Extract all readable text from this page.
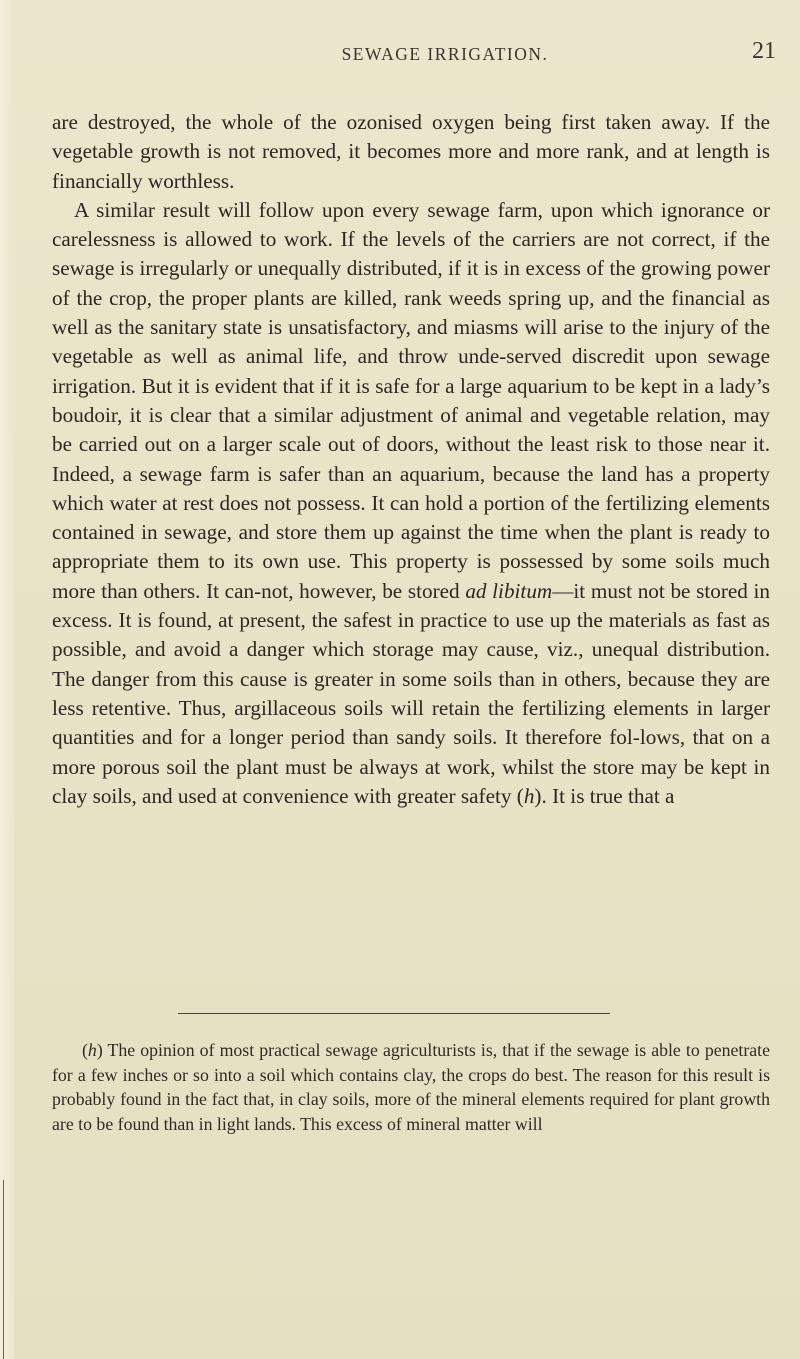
SEWAGE IRRIGATION.	21

are destroyed, the whole of the ozonised oxygen being first taken away. If the vegetable growth is not removed, it becomes more and more rank, and at length is financially worthless.

A similar result will follow upon every sewage farm, upon which ignorance or carelessness is allowed to work. If the levels of the carriers are not correct, if the sewage is irregularly or unequally distributed, if it is in excess of the growing power of the crop, the proper plants are killed, rank weeds spring up, and the financial as well as the sanitary state is unsatisfactory, and miasms will arise to the injury of the vegetable as well as animal life, and throw unde-served discredit upon sewage irrigation. But it is evident that if it is safe for a large aquarium to be kept in a lady’s boudoir, it is clear that a similar adjustment of animal and vegetable relation, may be carried out on a larger scale out of doors, without the least risk to those near it. Indeed, a sewage farm is safer than an aquarium, because the land has a property which water at rest does not possess. It can hold a portion of the fertilizing elements contained in sewage, and store them up against the time when the plant is ready to appropriate them to its own use. This property is possessed by some soils much more than others. It can-not, however, be stored ad libitum—it must not be stored in excess. It is found, at present, the safest in practice to use up the materials as fast as possible, and avoid a danger which storage may cause, viz., unequal distribution. The danger from this cause is greater in some soils than in others, because they are less retentive. Thus, argillaceous soils will retain the fertilizing elements in larger quantities and for a longer period than sandy soils. It therefore fol-lows, that on a more porous soil the plant must be always at work, whilst the store may be kept in clay soils, and used at convenience with greater safety (h). It is true that a

(h) The opinion of most practical sewage agriculturists is, that if the sewage is able to penetrate for a few inches or so into a soil which contains clay, the crops do best. The reason for this result is probably found in the fact that, in clay soils, more of the mineral elements required for plant growth are to be found than in light lands. This excess of mineral matter will
